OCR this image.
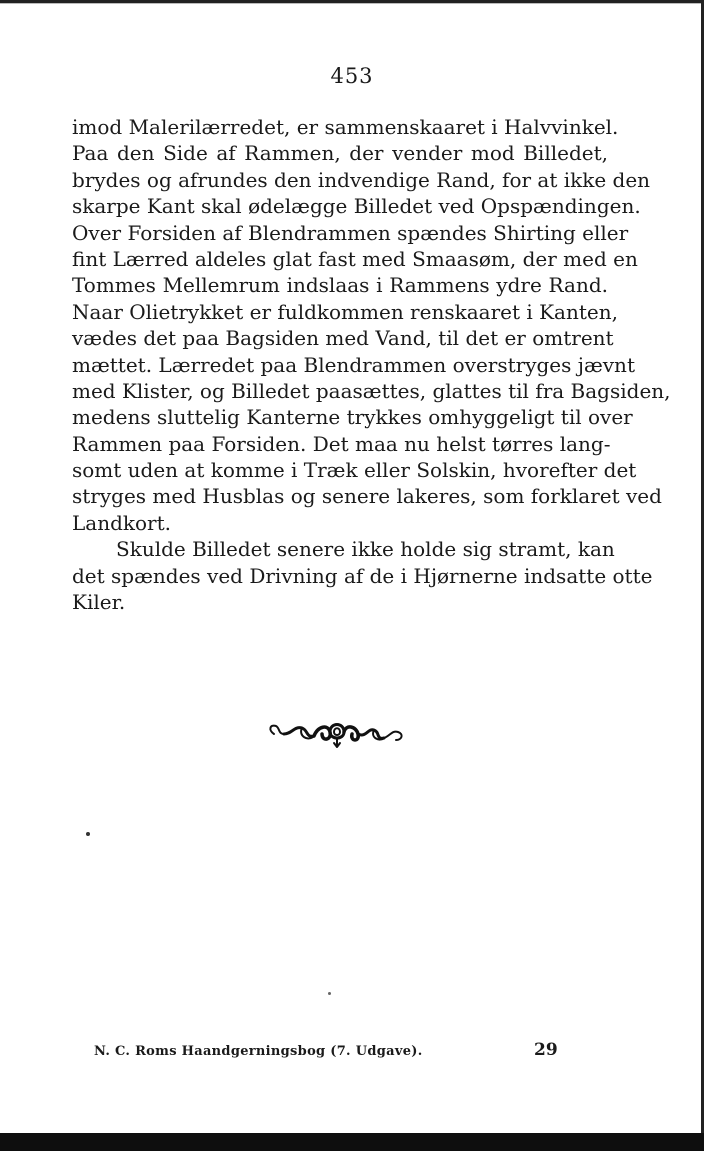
453
imod Malerilærredet, er sammenskaaret i Halvvinkel.
Paa den Side af Rammen, der vender mod Billedet,
brydes og afrundes den indvendige Rand, for at ikke den
skarpe Kant skal ødelægge Billedet ved Opspændingen.
Over Forsiden af Blendrammen spændes Shirting eller
fint Lærred aldeles glat fast med Smaasøm, der med en
Tommes Mellemrum indslaas i Rammens ydre Rand.
Naar Olietrykket er fuldkommen renskaaret i Kanten,
vædes det paa Bagsiden med Vand, til det er omtrent
mættet. Lærredet paa Blendrammen overstryges jævnt
med Klister, og Billedet paasættes, glattes til fra Bagsiden,
medens sluttelig Kanterne trykkes omhyggeligt til over
Rammen paa Forsiden. Det maa nu helst tørres lang-
somt uden at komme i Træk eller Solskin, hvorefter det
stryges med Husblas og senere lakeres, som forklaret ved
Landkort.
Skulde Billedet senere ikke holde sig stramt, kan
det spændes ved Drivning af de i Hjørnerne indsatte otte
Kiler.
N. C. Roms Haandgerningsbog (7. Udgave).	29
